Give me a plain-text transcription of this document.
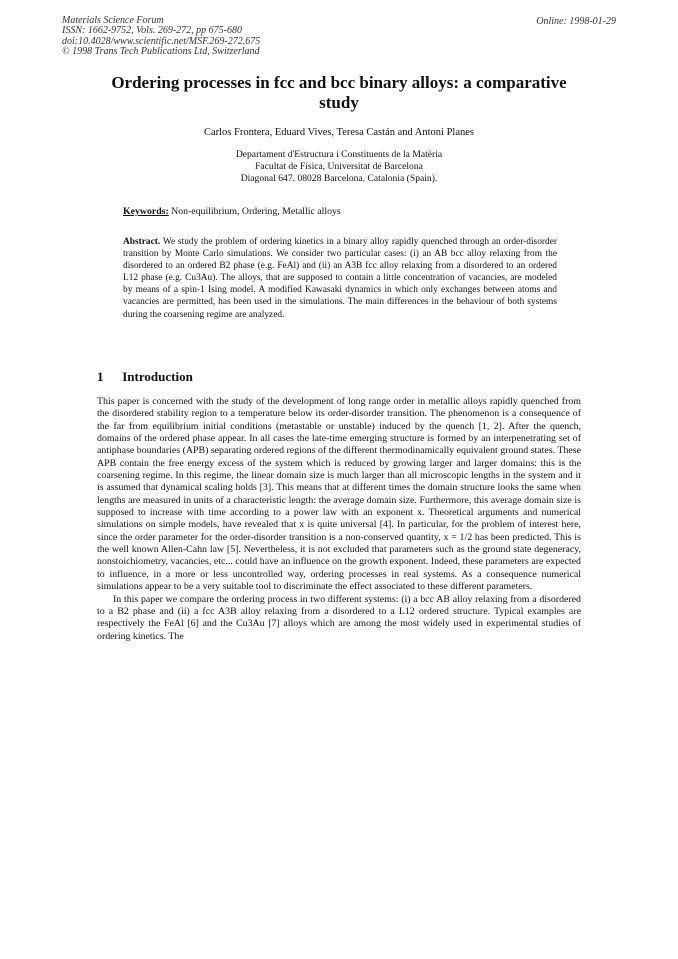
Materials Science Forum
ISSN: 1662-9752, Vols. 269-272, pp 675-680
doi:10.4028/www.scientific.net/MSF.269-272.675
© 1998 Trans Tech Publications Ltd, Switzerland
Online: 1998-01-29
Ordering processes in fcc and bcc binary alloys: a comparative study
Carlos Frontera, Eduard Vives, Teresa Castán and Antoni Planes
Departament d'Estructura i Constituents de la Matèria
Facultat de Física, Universitat de Barcelona
Diagonal 647. 08028 Barcelona. Catalonia (Spain).
Keywords: Non-equilibrium, Ordering, Metallic alloys
Abstract. We study the problem of ordering kinetics in a binary alloy rapidly quenched through an order-disorder transition by Monte Carlo simulations. We consider two particular cases: (i) an AB bcc alloy relaxing from the disordered to an ordered B2 phase (e.g. FeAl) and (ii) an A3B fcc alloy relaxing from a disordered to an ordered L12 phase (e.g. Cu3Au). The alloys, that are supposed to contain a little concentration of vacancies, are modeled by means of a spin-1 Ising model. A modified Kawasaki dynamics in which only exchanges between atoms and vacancies are permitted, has been used in the simulations. The main differences in the behaviour of both systems during the coarsening regime are analyzed.
1 Introduction

This paper is concerned with the study of the development of long range order in metallic alloys rapidly quenched from the disordered stability region to a temperature below its order-disorder transition. The phenomenon is a consequence of the far from equilibrium initial conditions (metastable or unstable) induced by the quench [1, 2]. After the quench, domains of the ordered phase appear. In all cases the late-time emerging structure is formed by an interpenetrating set of antiphase boundaries (APB) separating ordered regions of the different thermodinamically equivalent ground states. These APB contain the free energy excess of the system which is reduced by growing larger and larger domains: this is the coarsening regime. In this regime, the linear domain size is much larger than all microscopic lengths in the system and it is assumed that dynamical scaling holds [3]. This means that at different times the domain structure looks the same when lengths are measured in units of a characteristic length: the average domain size. Furthermore, this average domain size is supposed to increase with time according to a power law with an exponent x. Theoretical arguments and numerical simulations on simple models, have revealed that x is quite universal [4]. In particular, for the problem of interest here, since the order parameter for the order-disorder transition is a non-conserved quantity, x = 1/2 has been predicted. This is the well known Allen-Cahn law [5]. Nevertheless, it is not excluded that parameters such as the ground state degeneracy, nonstoichiometry, vacancies, etc... could have an influence on the growth exponent. Indeed, these parameters are expected to influence, in a more or less uncontrolled way, ordering processes in real systems. As a consequence numerical simulations appear to be a very suitable tool to discriminate the effect associated to these different parameters.

In this paper we compare the ordering process in two different systems: (i) a bcc AB alloy relaxing from a disordered to a B2 phase and (ii) a fcc A3B alloy relaxing from a disordered to a L12 ordered structure. Typical examples are respectively the FeAl [6] and the Cu3Au [7] alloys which are among the most widely used in experimental studies of ordering kinetics. The
